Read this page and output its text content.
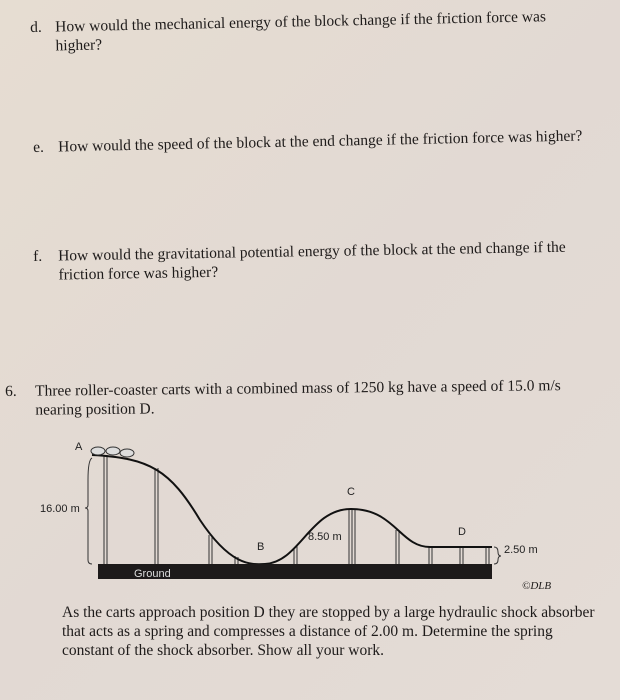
d. How would the mechanical energy of the block change if the friction force was higher?
e. How would the speed of the block at the end change if the friction force was higher?
f. How would the gravitational potential energy of the block at the end change if the friction force was higher?
6. Three roller-coaster carts with a combined mass of 1250 kg have a speed of 15.0 m/s nearing position D.
Ground
A
B
C
D
16.00 m
8.50 m
2.50 m
©DLB
As the carts approach position D they are stopped by a large hydraulic shock absorber that acts as a spring and compresses a distance of 2.00 m. Determine the spring constant of the shock absorber. Show all your work.
